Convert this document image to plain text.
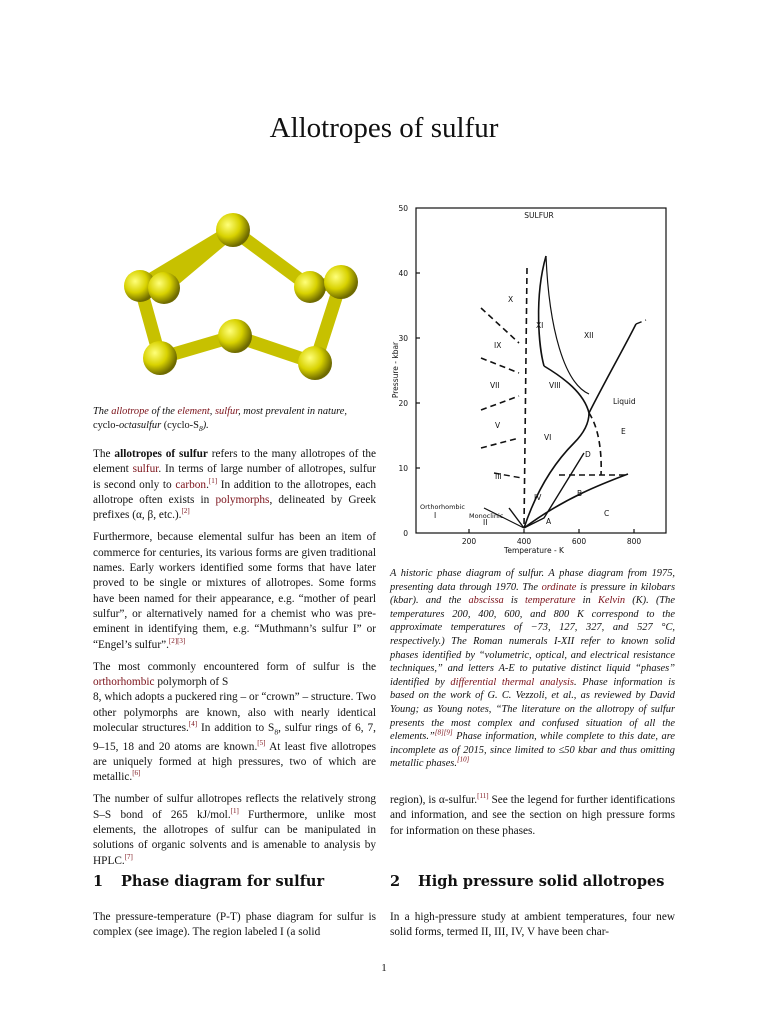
Allotropes of sulfur

The allotrope of the element, sulfur, most prevalent in nature,
cyclo-octasulfur $(cyclo-S_8)$.

The allotropes of sulfur refers to the many allotropes of the element sulfur. In terms of large number of allotropes, sulfur is second only to carbon.[1] In addition to the allotropes, each allotrope often exists in polymorphs, delineated by Greek prefixes (α, β, etc.).[2]

Furthermore, because elemental sulfur has been an item of commerce for centuries, its various forms are given traditional names. Early workers identified some forms that have later proved to be single or mixtures of allotropes. Some forms have been named for their appearance, e.g. “mother of pearl sulfur”, or alternatively named for a chemist who was pre-eminent in identifying them, e.g. “Muthmann’s sulfur I” or “Engel’s sulfur”.[2][3]

The most commonly encountered form of sulfur is the orthorhombic polymorph of S
8, which adopts a puckered ring – or “crown” – structure. Two other polymorphs are known, also with nearly identical molecular structures.[4] In addition to $S_8$, sulfur rings of 6, 7, 9–15, 18 and 20 atoms are known.[5] At least five allotropes are uniquely formed at high pressures, two of which are metallic.[6]

The number of sulfur allotropes reflects the relatively strong S–S bond of 265 kJ/mol.[1] Furthermore, unlike most elements, the allotropes of sulfur can be manipulated in solutions of organic solvents and is amenable to analysis by HPLC.[7]

SULFUR
50
40
30
20
10
0
200	400	600	800
Temperature - K
Pressure - kbar
X
XI
XII
IX
VIII
VII
VI
V
III
IV
D
E
B
C
A
II
Liquid
Orthorhombic
I	Monoclinic

A historic phase diagram of sulfur. A phase diagram from 1975, presenting data through 1970. The ordinate is pressure in kilobars (kbar). and the abscissa is temperature in Kelvin (K). (The temperatures 200, 400, 600, and 800 K correspond to the approximate temperatures of −73, 127, 327, and 527 °C, respectively.) The Roman numerals I-XII refer to known solid phases identified by “volumetric, optical, and electrical resistance techniques,” and letters A-E to putative distinct liquid “phases” identified by differential thermal analysis. Phase information is based on the work of G. C. Vezzoli, et al., as reviewed by David Young; as Young notes, “The literature on the allotropy of sulfur presents the most complex and confused situation of all the elements.”[8][9] Phase information, while complete to this date, are incomplete as of 2015, since limited to ≤50 kbar and thus omitting metallic phases.[10]

region), is α-sulfur.[11] See the legend for further identifications and information, and see the section on high pressure forms for information on these phases.

1 Phase diagram for sulfur

The pressure-temperature (P-T) phase diagram for sulfur is complex (see image). The region labeled I (a solid

2 High pressure solid allotropes

In a high-pressure study at ambient temperatures, four new solid forms, termed II, III, IV, V have been char-

1
